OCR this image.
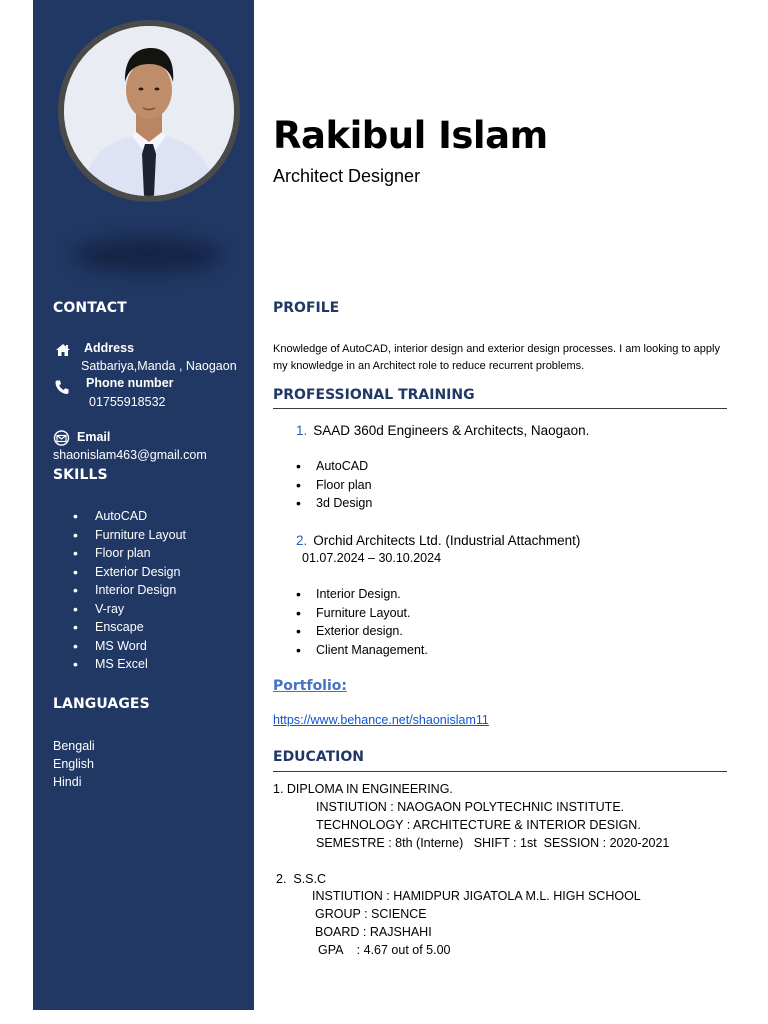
CONTACT
Address
Satbariya,Manda , Naogaon
Phone number
01755918532
Email
shaonislam463@gmail.com
SKILLS
• AutoCAD
• Furniture Layout
• Floor plan
• Exterior Design
• Interior Design
• V-ray
• Enscape
• MS Word
• MS Excel
LANGUAGES
Bengali
English
Hindi
Rakibul Islam
Architect Designer
PROFILE
Knowledge of AutoCAD, interior design and exterior design processes. I am looking to apply my knowledge in an Architect role to reduce recurrent problems.
PROFESSIONAL TRAINING
1. SAAD 360d Engineers & Architects, Naogaon.
• AutoCAD
• Floor plan
• 3d Design
2. Orchid Architects Ltd. (Industrial Attachment)
01.07.2024 – 30.10.2024
• Interior Design.
• Furniture Layout.
• Exterior design.
• Client Management.
Portfolio:
https://www.behance.net/shaonislam11
EDUCATION
1. DIPLOMA IN ENGINEERING.
INSTIUTION : NAOGAON POLYTECHNIC INSTITUTE.
TECHNOLOGY : ARCHITECTURE & INTERIOR DESIGN.
SEMESTRE : 8th (Interne)   SHIFT : 1st  SESSION : 2020-2021
2.  S.S.C
INSTIUTION : HAMIDPUR JIGATOLA M.L. HIGH SCHOOL
GROUP : SCIENCE
BOARD : RAJSHAHI
GPA    : 4.67 out of 5.00
